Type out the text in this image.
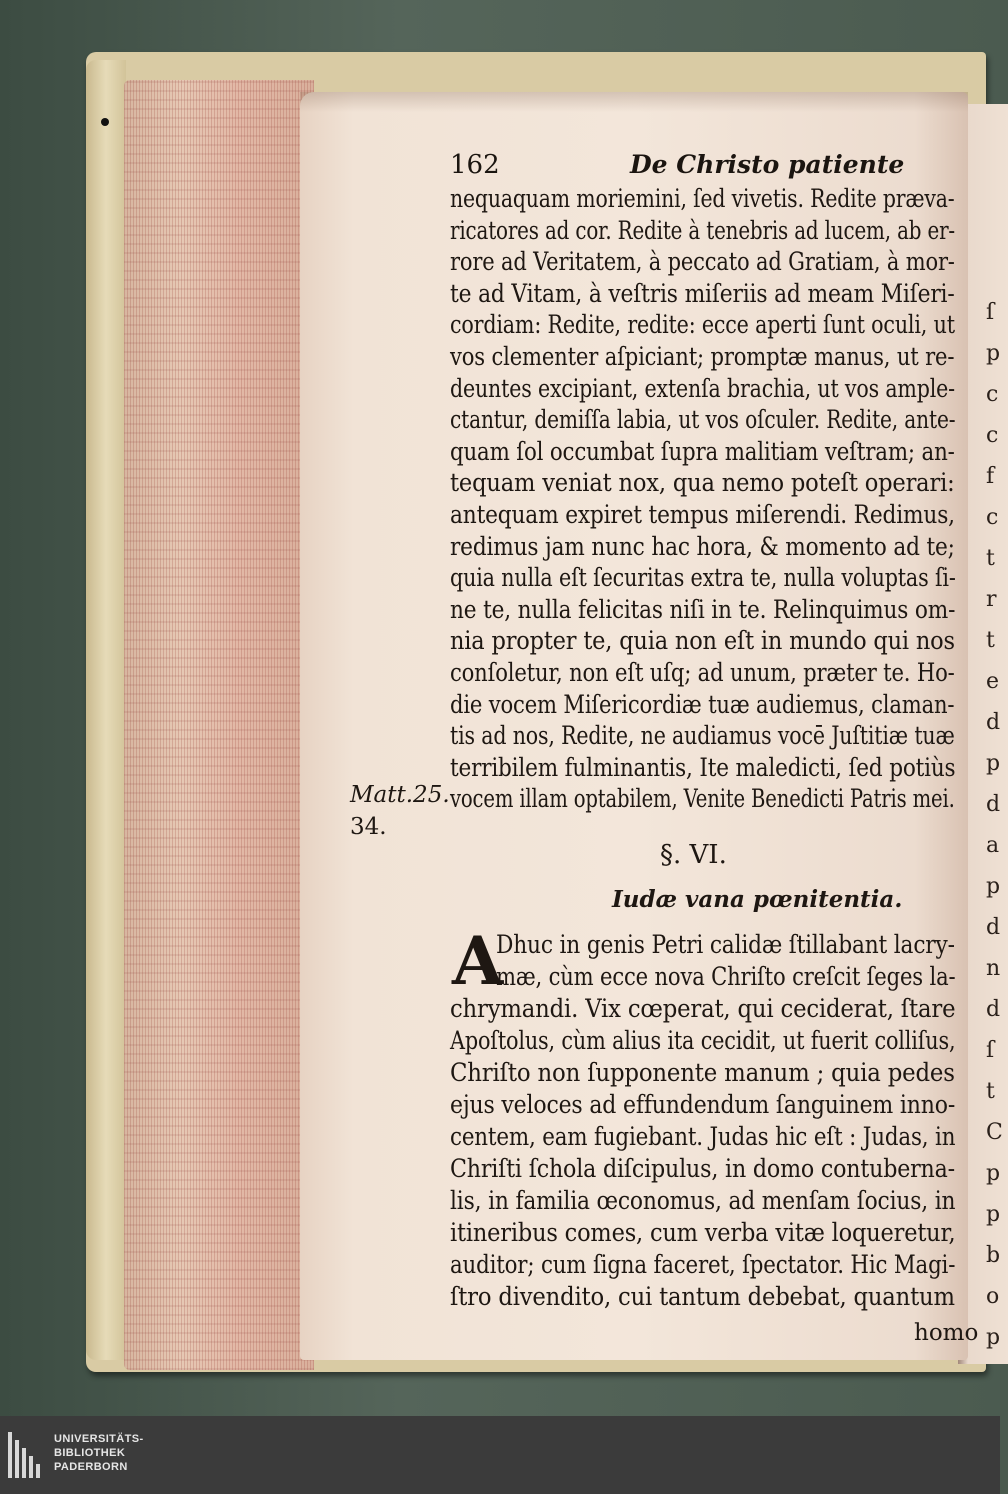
ſ
p
c
c
f
c
t
r
t
e
d
p
d
a
p
d
n
d
ſ
t
C
p
p
b
o
p
162	De Christo patiente
nequaquam moriemini, ſed vivetis. Redite præva-
ricatores ad cor. Redite à tenebris ad lucem, ab er-
rore ad Veritatem, à peccato ad Gratiam, à mor-
te ad Vitam, à veſtris miſeriis ad meam Miſeri-
cordiam: Redite, redite: ecce aperti ſunt oculi, ut
vos clementer aſpiciant; promptæ manus, ut re-
deuntes excipiant, extenſa brachia, ut vos ample-
ctantur, demiſſa labia, ut vos oſculer. Redite, ante-
quam ſol occumbat ſupra malitiam veſtram; an-
tequam veniat nox, qua nemo poteſt operari:
antequam expiret tempus miſerendi. Redimus,
redimus jam nunc hac hora, & momento ad te;
quia nulla eſt ſecuritas extra te, nulla voluptas ſi-
ne te, nulla felicitas niſi in te. Relinquimus om-
nia propter te, quia non eſt in mundo qui nos
conſoletur, non eſt uſq; ad unum, præter te. Ho-
die vocem Miſericordiæ tuæ audiemus, claman-
tis ad nos, Redite, ne audiamus vocē Juſtitiæ tuæ
terribilem fulminantis, Ite maledicti, ſed potiùs
vocem illam optabilem, Venite Benedicti Patris mei.
Matt.25.
34.
§. VI.
Iudæ vana pœnitentia.
A
Dhuc in genis Petri calidæ ſtillabant lacry-
mæ, cùm ecce nova Chriſto creſcit ſeges la-
chrymandi. Vix cœperat, qui ceciderat, ſtare
Apoſtolus, cùm alius ita cecidit, ut fuerit colliſus,
Chriſto non ſupponente manum ; quia pedes
ejus veloces ad effundendum ſanguinem inno-
centem, eam fugiebant. Judas hic eſt : Judas, in
Chriſti ſchola diſcipulus, in domo contuberna-
lis, in familia œconomus, ad menſam ſocius, in
itineribus comes, cum verba vitæ loqueretur,
auditor; cum ſigna faceret, ſpectator. Hic Magi-
ſtro divendito, cui tantum debebat, quantum
homo
UNIVERSITÄTS-
BIBLIOTHEK
PADERBORN
